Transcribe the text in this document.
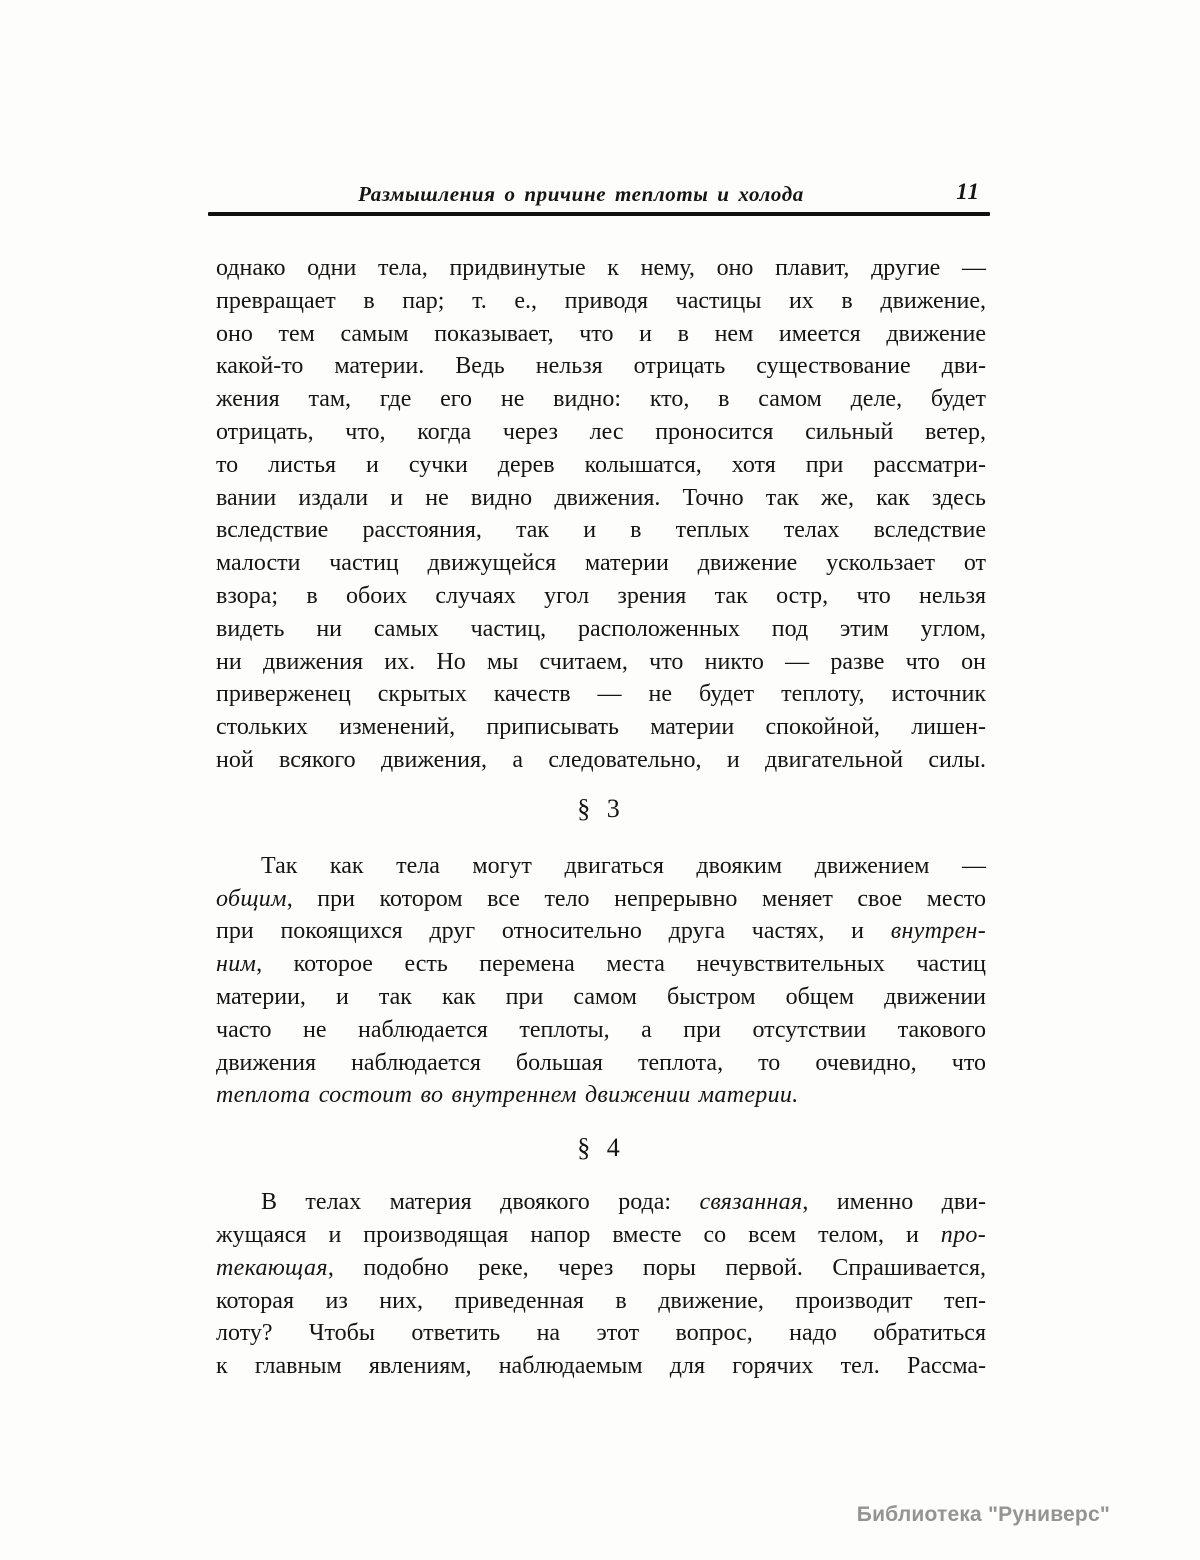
Размышления о причине теплоты и холода	11
однако одни тела, придвинутые к нему, оно плавит, другие —
превращает в пар; т. е., приводя частицы их в движение,
оно тем самым показывает, что и в нем имеется движение
какой-то материи. Ведь нельзя отрицать существование дви-
жения там, где его не видно: кто, в самом деле, будет
отрицать, что, когда через лес проносится сильный ветер,
то листья и сучки дерев колышатся, хотя при рассматри-
вании издали и не видно движения. Точно так же, как здесь
вследствие расстояния, так и в теплых телах вследствие
малости частиц движущейся материи движение ускользает от
взора; в обоих случаях угол зрения так остр, что нельзя
видеть ни самых частиц, расположенных под этим углом,
ни движения их. Но мы считаем, что никто — разве что он
приверженец скрытых качеств — не будет теплоту, источник
стольких изменений, приписывать материи спокойной, лишен-
ной всякого движения, а следовательно, и двигательной силы.
§ 3
Так как тела могут двигаться двояким движением —
общим, при котором все тело непрерывно меняет свое место
при покоящихся друг относительно друга частях, и внутрен-
ним, которое есть перемена места нечувствительных частиц
материи, и так как при самом быстром общем движении
часто не наблюдается теплоты, а при отсутствии такового
движения наблюдается большая теплота, то очевидно, что
теплота состоит во внутреннем движении материи.
§ 4
В телах материя двоякого рода: связанная, именно дви-
жущаяся и производящая напор вместе со всем телом, и про-
текающая, подобно реке, через поры первой. Спрашивается,
которая из них, приведенная в движение, производит теп-
лоту? Чтобы ответить на этот вопрос, надо обратиться
к главным явлениям, наблюдаемым для горячих тел. Рассма-
Библиотека "Руниверс"
